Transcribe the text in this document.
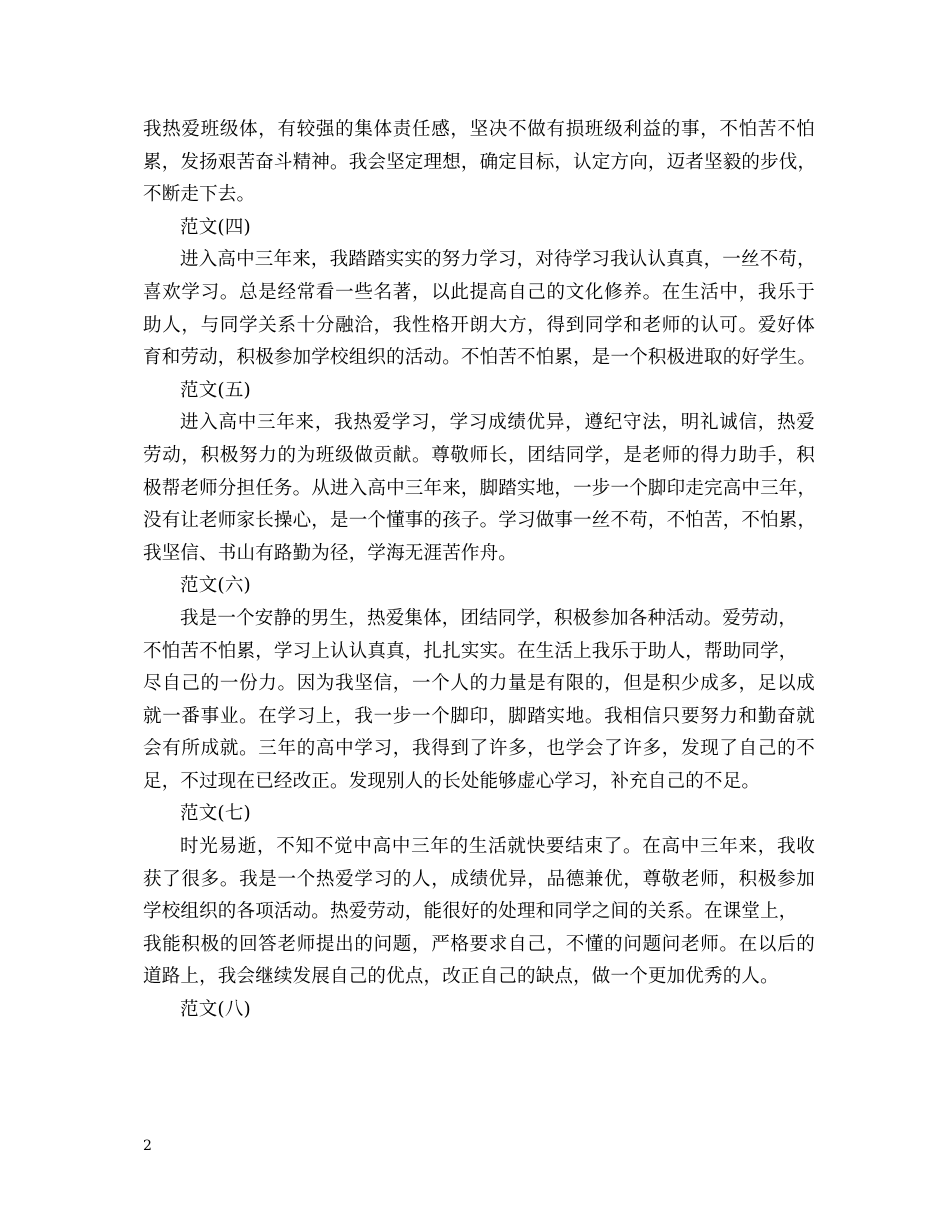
我热爱班级体，有较强的集体责任感，坚决不做有损班级利益的事，不怕苦不怕
累，发扬艰苦奋斗精神。我会坚定理想，确定目标，认定方向，迈者坚毅的步伐，
不断走下去。
范文(四)
进入高中三年来，我踏踏实实的努力学习，对待学习我认认真真，一丝不苟，
喜欢学习。总是经常看一些名著，以此提高自己的文化修养。在生活中，我乐于
助人，与同学关系十分融洽，我性格开朗大方，得到同学和老师的认可。爱好体
育和劳动，积极参加学校组织的活动。不怕苦不怕累，是一个积极进取的好学生。
范文(五)
进入高中三年来，我热爱学习，学习成绩优异，遵纪守法，明礼诚信，热爱
劳动，积极努力的为班级做贡献。尊敬师长，团结同学，是老师的得力助手，积
极帮老师分担任务。从进入高中三年来，脚踏实地，一步一个脚印走完高中三年，
没有让老师家长操心，是一个懂事的孩子。学习做事一丝不苟，不怕苦，不怕累，
我坚信、书山有路勤为径，学海无涯苦作舟。
范文(六)
我是一个安静的男生，热爱集体，团结同学，积极参加各种活动。爱劳动，
不怕苦不怕累，学习上认认真真，扎扎实实。在生活上我乐于助人，帮助同学，
尽自己的一份力。因为我坚信，一个人的力量是有限的，但是积少成多，足以成
就一番事业。在学习上，我一步一个脚印，脚踏实地。我相信只要努力和勤奋就
会有所成就。三年的高中学习，我得到了许多，也学会了许多，发现了自己的不
足，不过现在已经改正。发现别人的长处能够虚心学习，补充自己的不足。
范文(七)
时光易逝，不知不觉中高中三年的生活就快要结束了。在高中三年来，我收
获了很多。我是一个热爱学习的人，成绩优异，品德兼优，尊敬老师，积极参加
学校组织的各项活动。热爱劳动，能很好的处理和同学之间的关系。在课堂上，
我能积极的回答老师提出的问题，严格要求自己，不懂的问题问老师。在以后的
道路上，我会继续发展自己的优点，改正自己的缺点，做一个更加优秀的人。
范文(八)
2
